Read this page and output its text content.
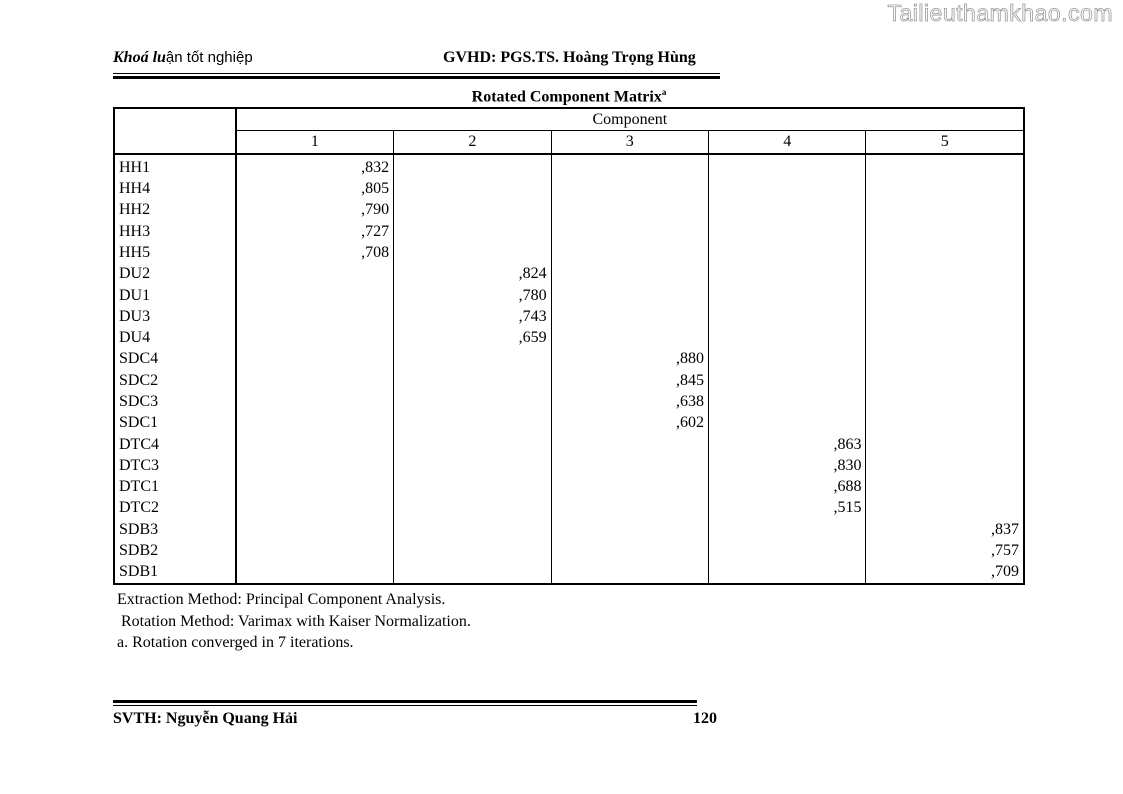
Tailieuthamkhao.com
Khoá luận tốt nghiệp	GVHD: PGS.TS. Hoàng Trọng Hùng
Rotated Component Matrix$^a$
	Component				
	1	2	3	4	5
HH1	,832				
HH4	,805				
HH2	,790				
HH3	,727				
HH5	,708				
DU2		,824			
DU1		,780			
DU3		,743			
DU4		,659			
SDC4			,880		
SDC2			,845		
SDC3			,638		
SDC1			,602		
DTC4				,863	
DTC3				,830	
DTC1				,688	
DTC2				,515	
SDB3					,837
SDB2					,757
SDB1					,709
Extraction Method: Principal Component Analysis.
Rotation Method: Varimax with Kaiser Normalization.
a. Rotation converged in 7 iterations.
SVTH: Nguyễn Quang Hải	120
